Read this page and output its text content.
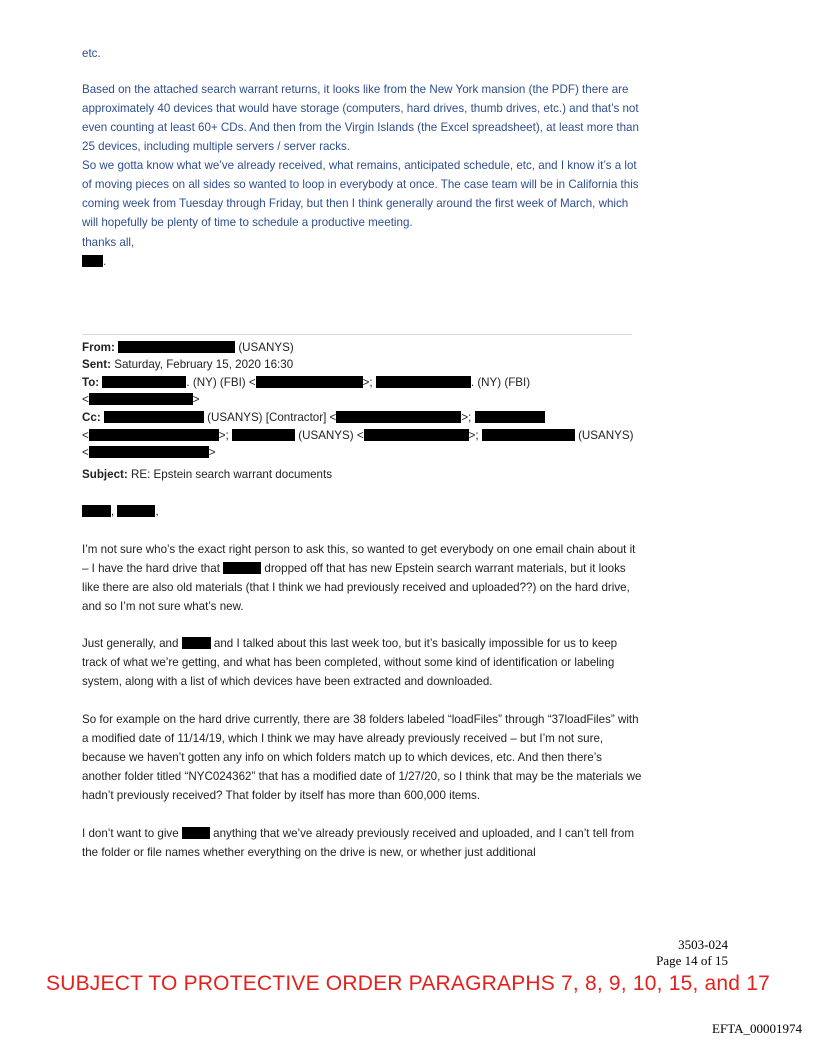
etc.
Based on the attached search warrant returns, it looks like from the New York mansion (the PDF) there are approximately 40 devices that would have storage (computers, hard drives, thumb drives, etc.) and that’s not even counting at least 60+ CDs. And then from the Virgin Islands (the Excel spreadsheet), at least more than 25 devices, including multiple servers / server racks.
So we gotta know what we’ve already received, what remains, anticipated schedule, etc, and I know it’s a lot of moving pieces on all sides so wanted to loop in everybody at once. The case team will be in California this coming week from Tuesday through Friday, but then I think generally around the first week of March, which will hopefully be plenty of time to schedule a productive meeting.
thanks all,
.
From:	(USANYS)
Sent: Saturday, February 15, 2020 16:30
To:	. (NY) (FBI) <	>;	. (NY) (FBI)
<	>
Cc:	(USANYS) [Contractor] <	>;
<	>;	(USANYS) <	>;	(USANYS)
<	>
Subject: RE: Epstein search warrant documents
,	,
I’m not sure who’s the exact right person to ask this, so wanted to get everybody on one email chain about it – I have the hard drive that	dropped off that has new Epstein search warrant materials, but it looks like there are also old materials (that I think we had previously received and uploaded??) on the hard drive, and so I’m not sure what’s new.
Just generally, and	and I talked about this last week too, but it’s basically impossible for us to keep track of what we’re getting, and what has been completed, without some kind of identification or labeling system, along with a list of which devices have been extracted and downloaded.
So for example on the hard drive currently, there are 38 folders labeled “loadFiles” through “37loadFiles” with a modified date of 11/14/19, which I think we may have already previously received – but I’m not sure, because we haven’t gotten any info on which folders match up to which devices, etc. And then there’s another folder titled “NYC024362” that has a modified date of 1/27/20, so I think that may be the materials we hadn’t previously received? That folder by itself has more than 600,000 items.
I don’t want to give  anything that we’ve already previously received and uploaded, and I can’t tell from the folder or file names whether everything on the drive is new, or whether just additional
3503-024
Page 14 of 15
SUBJECT TO PROTECTIVE ORDER PARAGRAPHS 7, 8, 9, 10, 15, and 17
EFTA_00001974
